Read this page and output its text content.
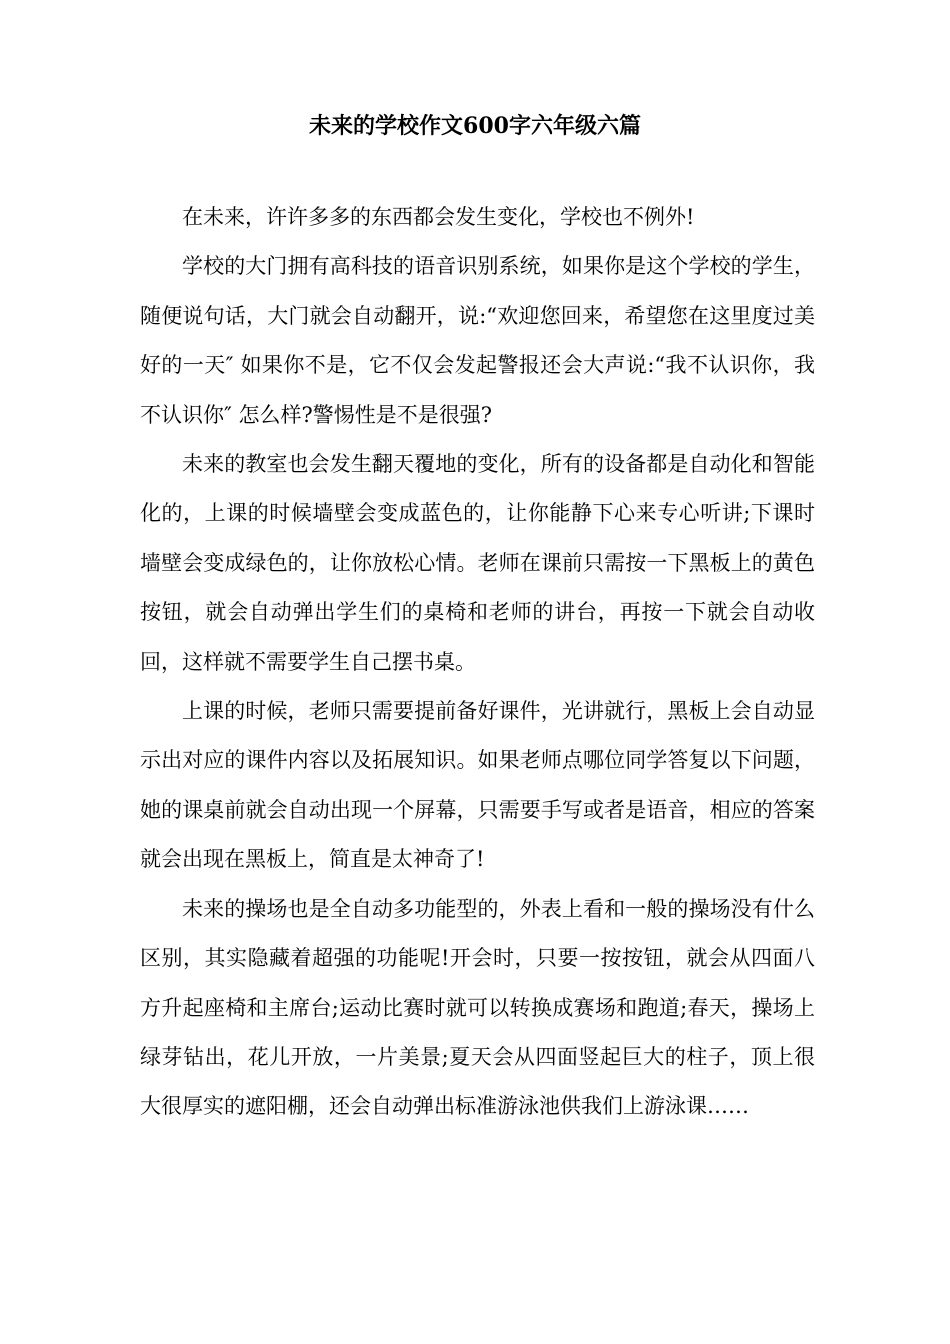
未来的学校作文600字六年级六篇

在未来，许许多多的东西都会发生变化，学校也不例外!

学校的大门拥有高科技的语音识别系统，如果你是这个学校的学生，随便说句话，大门就会自动翻开，说:“欢迎您回来，希望您在这里度过美好的一天″ 如果你不是，它不仅会发起警报还会大声说:“我不认识你，我不认识你″ 怎么样?警惕性是不是很强?

未来的教室也会发生翻天覆地的变化，所有的设备都是自动化和智能化的，上课的时候墙壁会变成蓝色的，让你能静下心来专心听讲;下课时墙壁会变成绿色的，让你放松心情。老师在课前只需按一下黑板上的黄色按钮，就会自动弹出学生们的桌椅和老师的讲台，再按一下就会自动收回，这样就不需要学生自己摆书桌。

上课的时候，老师只需要提前备好课件，光讲就行，黑板上会自动显示出对应的课件内容以及拓展知识。如果老师点哪位同学答复以下问题，她的课桌前就会自动出现一个屏幕，只需要手写或者是语音，相应的答案就会出现在黑板上，简直是太神奇了!

未来的操场也是全自动多功能型的，外表上看和一般的操场没有什么区别，其实隐藏着超强的功能呢!开会时，只要一按按钮，就会从四面八方升起座椅和主席台;运动比赛时就可以转换成赛场和跑道;春天，操场上绿芽钻出，花儿开放，一片美景;夏天会从四面竖起巨大的柱子，顶上很大很厚实的遮阳棚，还会自动弹出标准游泳池供我们上游泳课……
